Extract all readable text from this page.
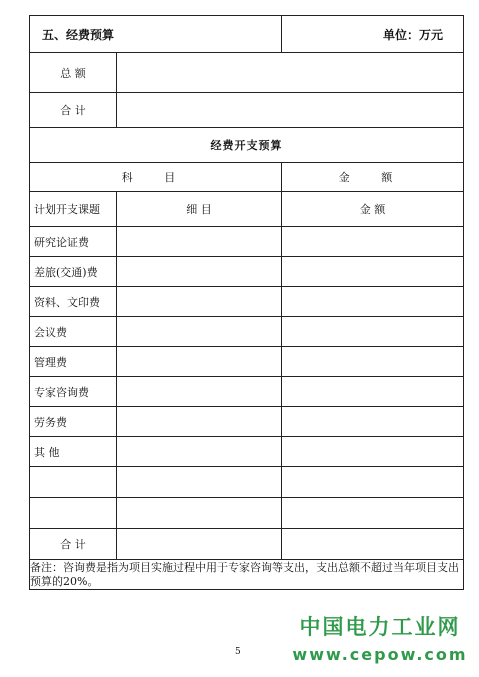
五、经费预算		单位：万元
总 额		
合 计		
经费开支预算		
科 目		金 额
计划开支课题	细 目	金 额
研究论证费		
差旅(交通)费		
资料、文印费		
会议费		
管理费		
专家咨询费		
劳务费		
其 他		

合 计		
备注：咨询费是指为项目实施过程中用于专家咨询等支出，支出总额不超过当年项目支出预算的20%。		
中国电力工业网
www.cepow.com
5
